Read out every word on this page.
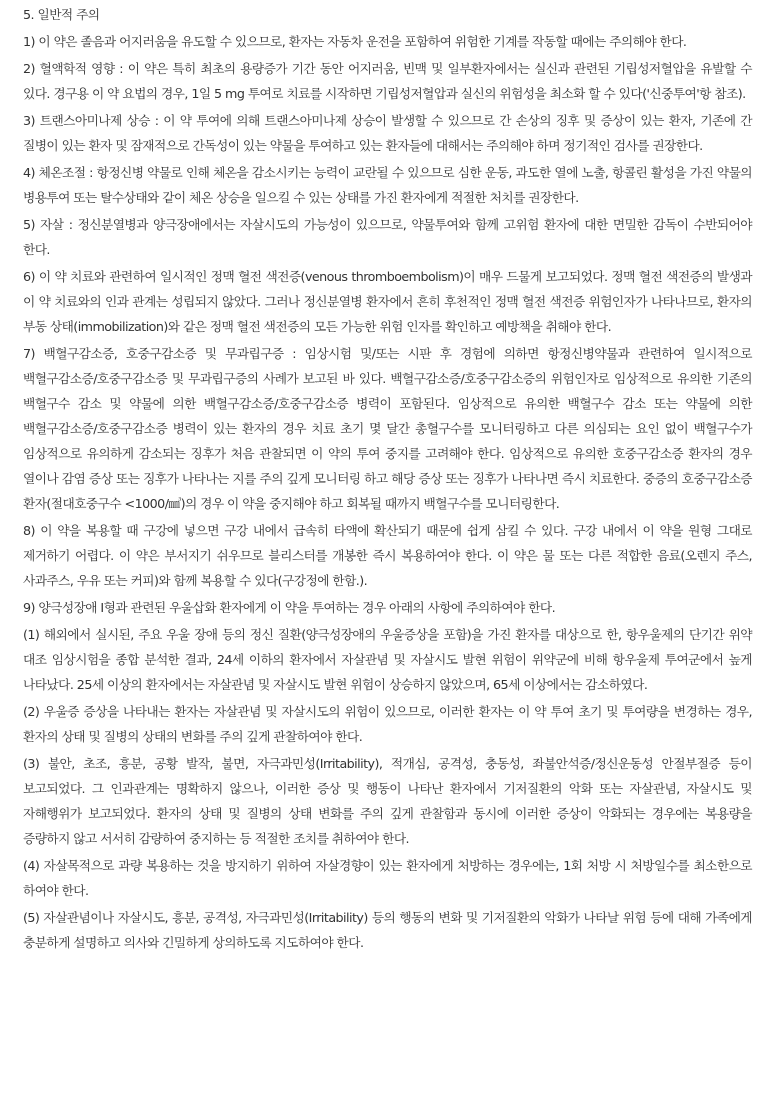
5. 일반적 주의

1) 이 약은 졸음과 어지러움을 유도할 수 있으므로, 환자는 자동차 운전을 포함하여 위험한 기계를 작동할 때에는 주의해야 한다.

2) 혈액학적 영향 : 이 약은 특히 최초의 용량증가 기간 동안 어지러움, 빈맥 및 일부환자에서는 실신과 관련된 기립성저혈압을 유발할 수 있다. 경구용 이 약 요법의 경우, 1일 5 mg 투여로 치료를 시작하면 기립성저혈압과 실신의 위험성을 최소화 할 수 있다('신중투여'항 참조).

3) 트랜스아미나제 상승 : 이 약 투여에 의해 트랜스아미나제 상승이 발생할 수 있으므로 간 손상의 징후 및 증상이 있는 환자, 기존에 간 질병이 있는 환자 및 잠재적으로 간독성이 있는 약물을 투여하고 있는 환자들에 대해서는 주의해야 하며 정기적인 검사를 권장한다.

4) 체온조절 : 항정신병 약물로 인해 체온을 감소시키는 능력이 교란될 수 있으므로 심한 운동, 과도한 열에 노출, 항콜린 활성을 가진 약물의 병용투여 또는 탈수상태와 같이 체온 상승을 일으킬 수 있는 상태를 가진 환자에게 적절한 처치를 권장한다.

5) 자살 : 정신분열병과 양극장애에서는 자살시도의 가능성이 있으므로, 약물투여와 함께 고위험 환자에 대한 면밀한 감독이 수반되어야 한다.

6) 이 약 치료와 관련하여 일시적인 정맥 혈전 색전증(venous thromboembolism)이 매우 드물게 보고되었다. 정맥 혈전 색전증의 발생과 이 약 치료와의 인과 관계는 성립되지 않았다. 그러나 정신분열병 환자에서 흔히 후천적인 정맥 혈전 색전증 위험인자가 나타나므로, 환자의 부동 상태(immobilization)와 같은 정맥 혈전 색전증의 모든 가능한 위험 인자를 확인하고 예방책을 취해야 한다.

7) 백혈구감소증, 호중구감소증 및 무과립구증 : 임상시험 및/또는 시판 후 경험에 의하면 항정신병약물과 관련하여 일시적으로 백혈구감소증/호중구감소증 및 무과립구증의 사례가 보고된 바 있다. 백혈구감소증/호중구감소증의 위험인자로 임상적으로 유의한 기존의 백혈구수 감소 및 약물에 의한 백혈구감소증/호중구감소증 병력이 포함된다. 임상적으로 유의한 백혈구수 감소 또는 약물에 의한 백혈구감소증/호중구감소증 병력이 있는 환자의 경우 치료 초기 몇 달간 총혈구수를 모니터링하고 다른 의심되는 요인 없이 백혈구수가 임상적으로 유의하게 감소되는 징후가 처음 관찰되면 이 약의 투여 중지를 고려해야 한다. 임상적으로 유의한 호중구감소증 환자의 경우 열이나 감염 증상 또는 징후가 나타나는 지를 주의 깊게 모니터링 하고 해당 증상 또는 징후가 나타나면 즉시 치료한다. 중증의 호중구감소증 환자(절대호중구수 <1000/㎣)의 경우 이 약을 중지해야 하고 회복될 때까지 백혈구수를 모니터링한다.

8) 이 약을 복용할 때 구강에 넣으면 구강 내에서 급속히 타액에 확산되기 때문에 쉽게 삼킬 수 있다. 구강 내에서 이 약을 원형 그대로 제거하기 어렵다. 이 약은 부서지기 쉬우므로 블리스터를 개봉한 즉시 복용하여야 한다. 이 약은 물 또는 다른 적합한 음료(오렌지 주스, 사과주스, 우유 또는 커피)와 함께 복용할 수 있다(구강정에 한함.).

9) 양극성장애 I형과 관련된 우울삽화 환자에게 이 약을 투여하는 경우 아래의 사항에 주의하여야 한다.

(1) 해외에서 실시된, 주요 우울 장애 등의 정신 질환(양극성장애의 우울증상을 포함)을 가진 환자를 대상으로 한, 항우울제의 단기간 위약 대조 임상시험을 종합 분석한 결과, 24세 이하의 환자에서 자살관념 및 자살시도 발현 위험이 위약군에 비해 항우울제 투여군에서 높게 나타났다. 25세 이상의 환자에서는 자살관념 및 자살시도 발현 위험이 상승하지 않았으며, 65세 이상에서는 감소하였다.

(2) 우울증 증상을 나타내는 환자는 자살관념 및 자살시도의 위험이 있으므로, 이러한 환자는 이 약 투여 초기 및 투여량을 변경하는 경우, 환자의 상태 및 질병의 상태의 변화를 주의 깊게 관찰하여야 한다.

(3) 불안, 초조, 흥분, 공황 발작, 불면, 자극과민성(Irritability), 적개심, 공격성, 충동성, 좌불안석증/정신운동성 안절부절증 등이 보고되었다. 그 인과관계는 명확하지 않으나, 이러한 증상 및 행동이 나타난 환자에서 기저질환의 악화 또는 자살관념, 자살시도 및 자해행위가 보고되었다. 환자의 상태 및 질병의 상태 변화를 주의 깊게 관찰함과 동시에 이러한 증상이 악화되는 경우에는 복용량을 증량하지 않고 서서히 감량하여 중지하는 등 적절한 조치를 취하여야 한다.

(4) 자살목적으로 과량 복용하는 것을 방지하기 위하여 자살경향이 있는 환자에게 처방하는 경우에는, 1회 처방 시 처방일수를 최소한으로 하여야 한다.

(5) 자살관념이나 자살시도, 흥분, 공격성, 자극과민성(Irritability) 등의 행동의 변화 및 기저질환의 악화가 나타날 위험 등에 대해 가족에게 충분하게 설명하고 의사와 긴밀하게 상의하도록 지도하여야 한다.
